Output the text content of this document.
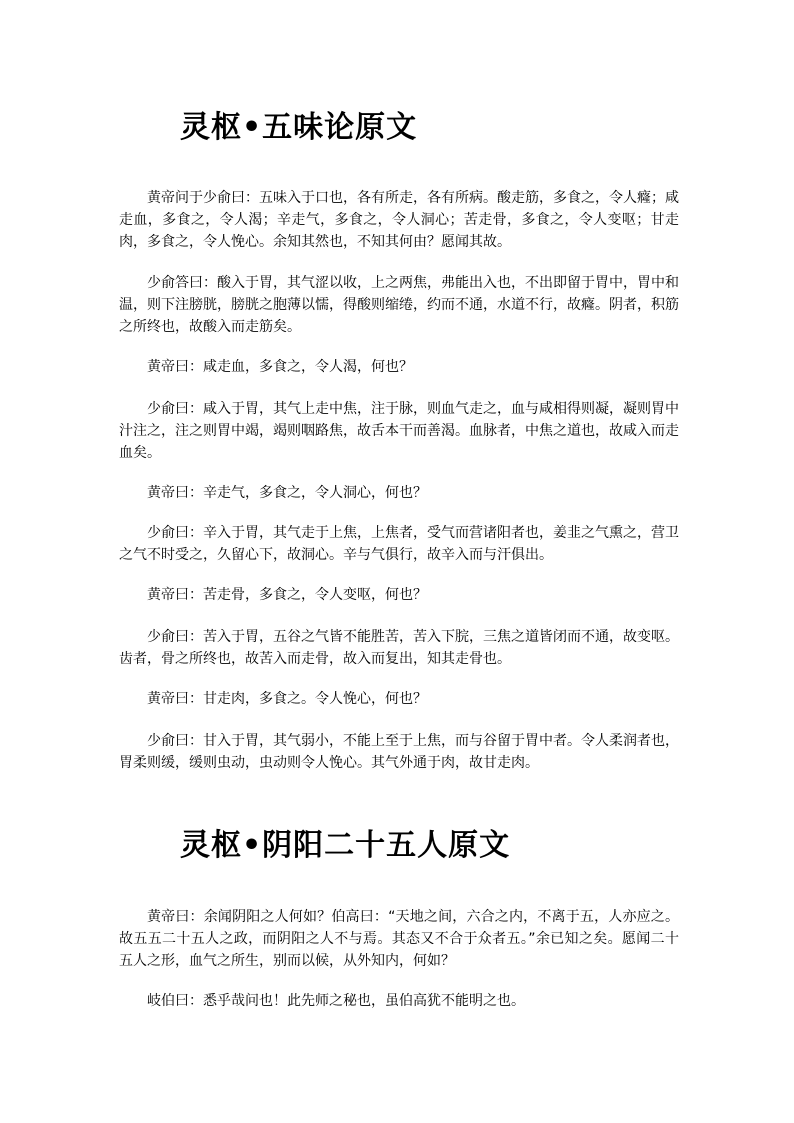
灵枢•五味论原文

黄帝问于少俞曰：五味入于口也，各有所走，各有所病。酸走筋，多食之，令人癃；咸走血，多食之，令人渴；辛走气，多食之，令人洞心；苦走骨，多食之，令人变呕；甘走肉，多食之，令人悗心。余知其然也，不知其何由？愿闻其故。

少俞答曰：酸入于胃，其气涩以收，上之两焦，弗能出入也，不出即留于胃中，胃中和温，则下注膀胱，膀胱之胞薄以懦，得酸则缩绻，约而不通，水道不行，故癃。阴者，积筋之所终也，故酸入而走筋矣。

黄帝曰：咸走血，多食之，令人渴，何也？

少俞曰：咸入于胃，其气上走中焦，注于脉，则血气走之，血与咸相得则凝，凝则胃中汁注之，注之则胃中竭，竭则咽路焦，故舌本干而善渴。血脉者，中焦之道也，故咸入而走血矣。

黄帝曰：辛走气，多食之，令人洞心，何也？

少俞曰：辛入于胃，其气走于上焦，上焦者，受气而营诸阳者也，姜韭之气熏之，营卫之气不时受之，久留心下，故洞心。辛与气俱行，故辛入而与汗俱出。

黄帝曰：苦走骨，多食之，令人变呕，何也？

少俞曰：苦入于胃，五谷之气皆不能胜苦，苦入下脘，三焦之道皆闭而不通，故变呕。齿者，骨之所终也，故苦入而走骨，故入而复出，知其走骨也。

黄帝曰：甘走肉，多食之。令人悗心，何也？

少俞曰：甘入于胃，其气弱小，不能上至于上焦，而与谷留于胃中者。令人柔润者也，胃柔则缓，缓则虫动，虫动则令人悗心。其气外通于肉，故甘走肉。

灵枢•阴阳二十五人原文

黄帝曰：余闻阴阳之人何如？伯高曰：“天地之间，六合之内，不离于五，人亦应之。故五五二十五人之政，而阴阳之人不与焉。其态又不合于众者五。”余已知之矣。愿闻二十五人之形，血气之所生，别而以候，从外知内，何如？

岐伯曰：悉乎哉问也！此先师之秘也，虽伯高犹不能明之也。
